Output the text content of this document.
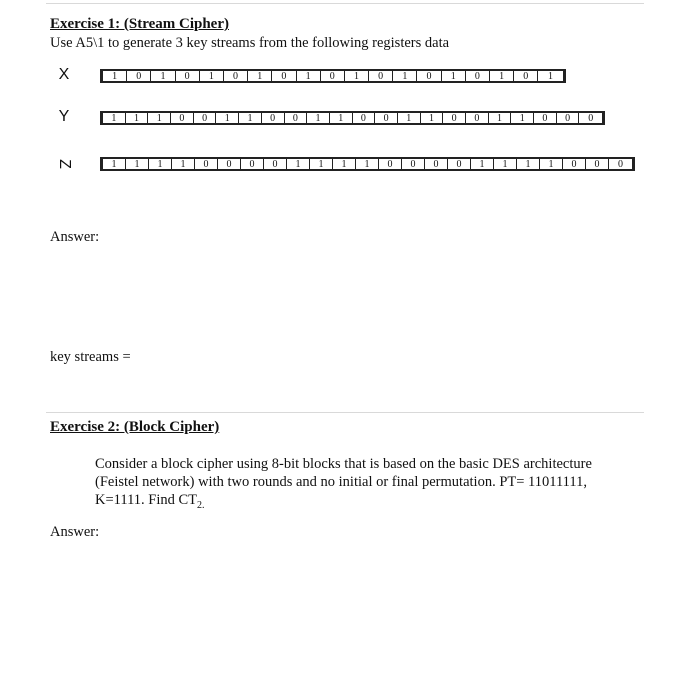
Exercise 1: (Stream Cipher)
Use A5\1 to generate 3 key streams from the following registers data
X	1	0	1	0	1	0	1	0	1	0	1	0	1	0	1	0	1	0	1
Y	1	1	1	0	0	1	1	0	0	1	1	0	0	1	1	0	0	1	1	0	0	0
Z	1	1	1	1	0	0	0	0	1	1	1	1	0	0	0	0	1	1	1	1	0	0	0
Answer:
key streams =
Exercise 2: (Block Cipher)
Consider a block cipher using 8-bit blocks that is based on the basic DES architecture
(Feistel network) with two rounds and no initial or final permutation. PT= 11011111,
K=1111. Find $CT_{2.}$
Answer:
